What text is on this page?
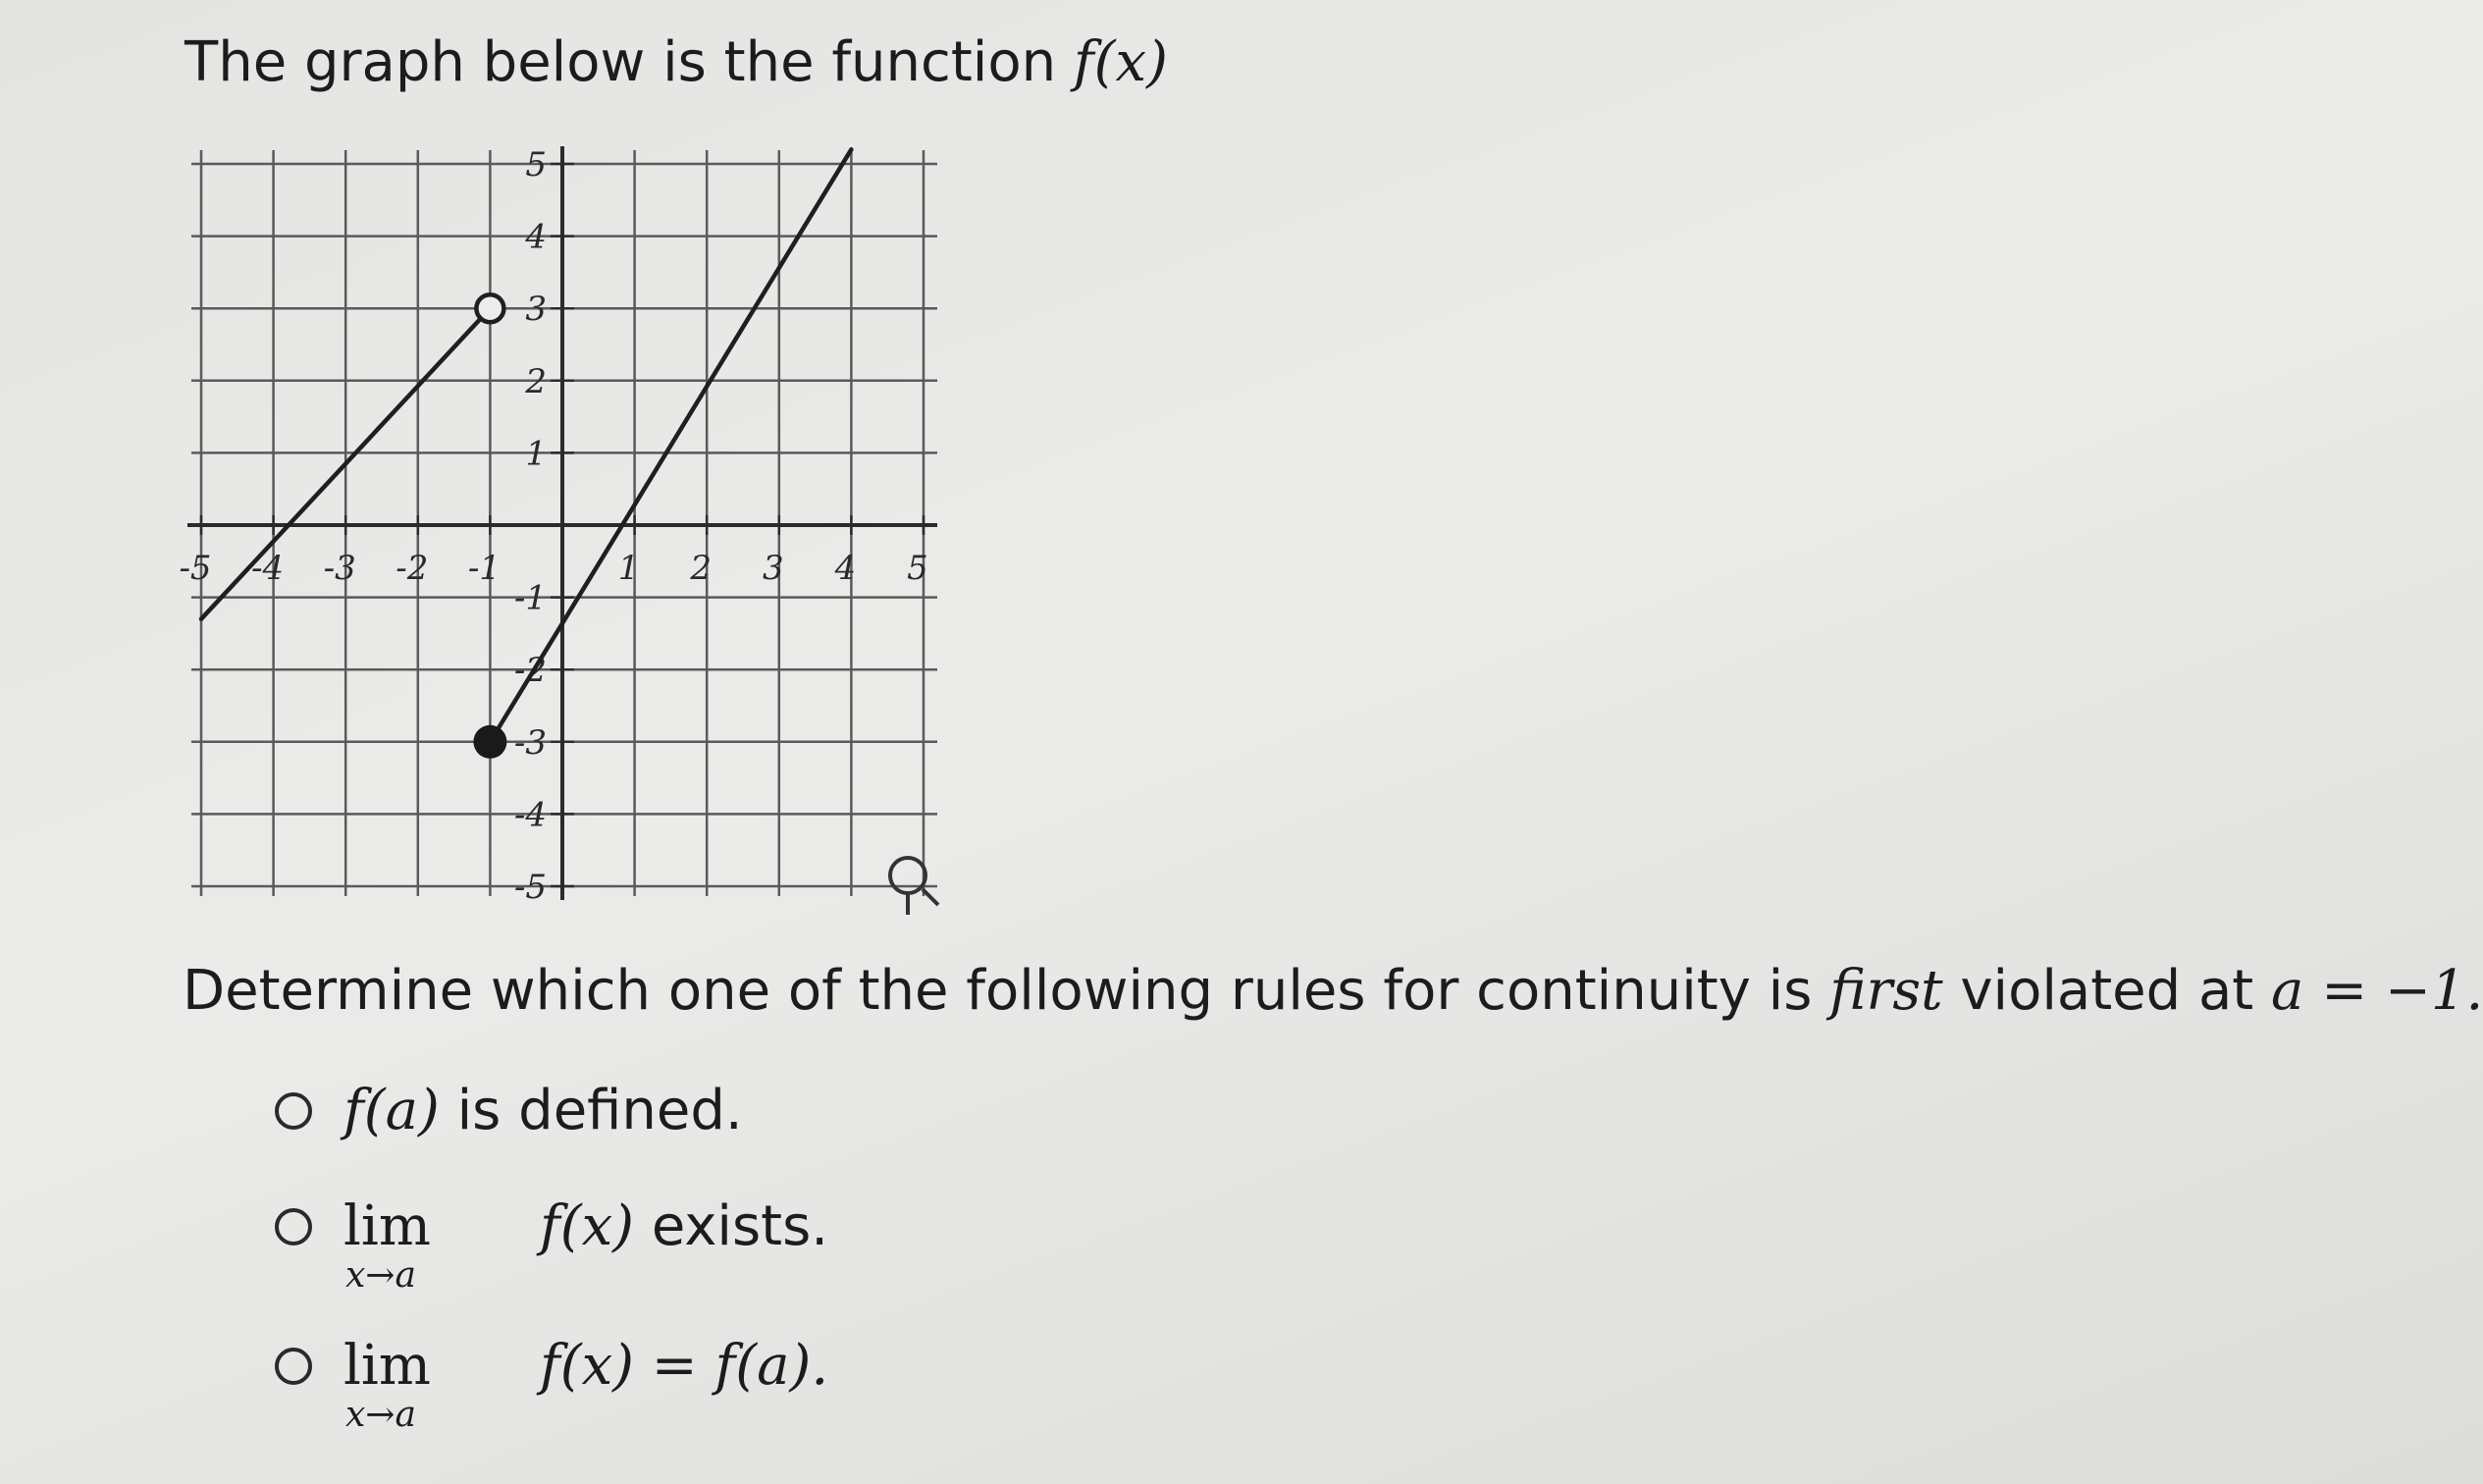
The graph below is the function f(x)
-5 -4 -3 -2 -1	1 2 3 4 5
5
4
3
2
1
-1
-2
-3
-4
-5
Determine which one of the following rules for continuity is first violated at a = −1.
f(a) is defined.
lim
x→a
f(x) exists.
lim
x→a
f(x) = f(a).
